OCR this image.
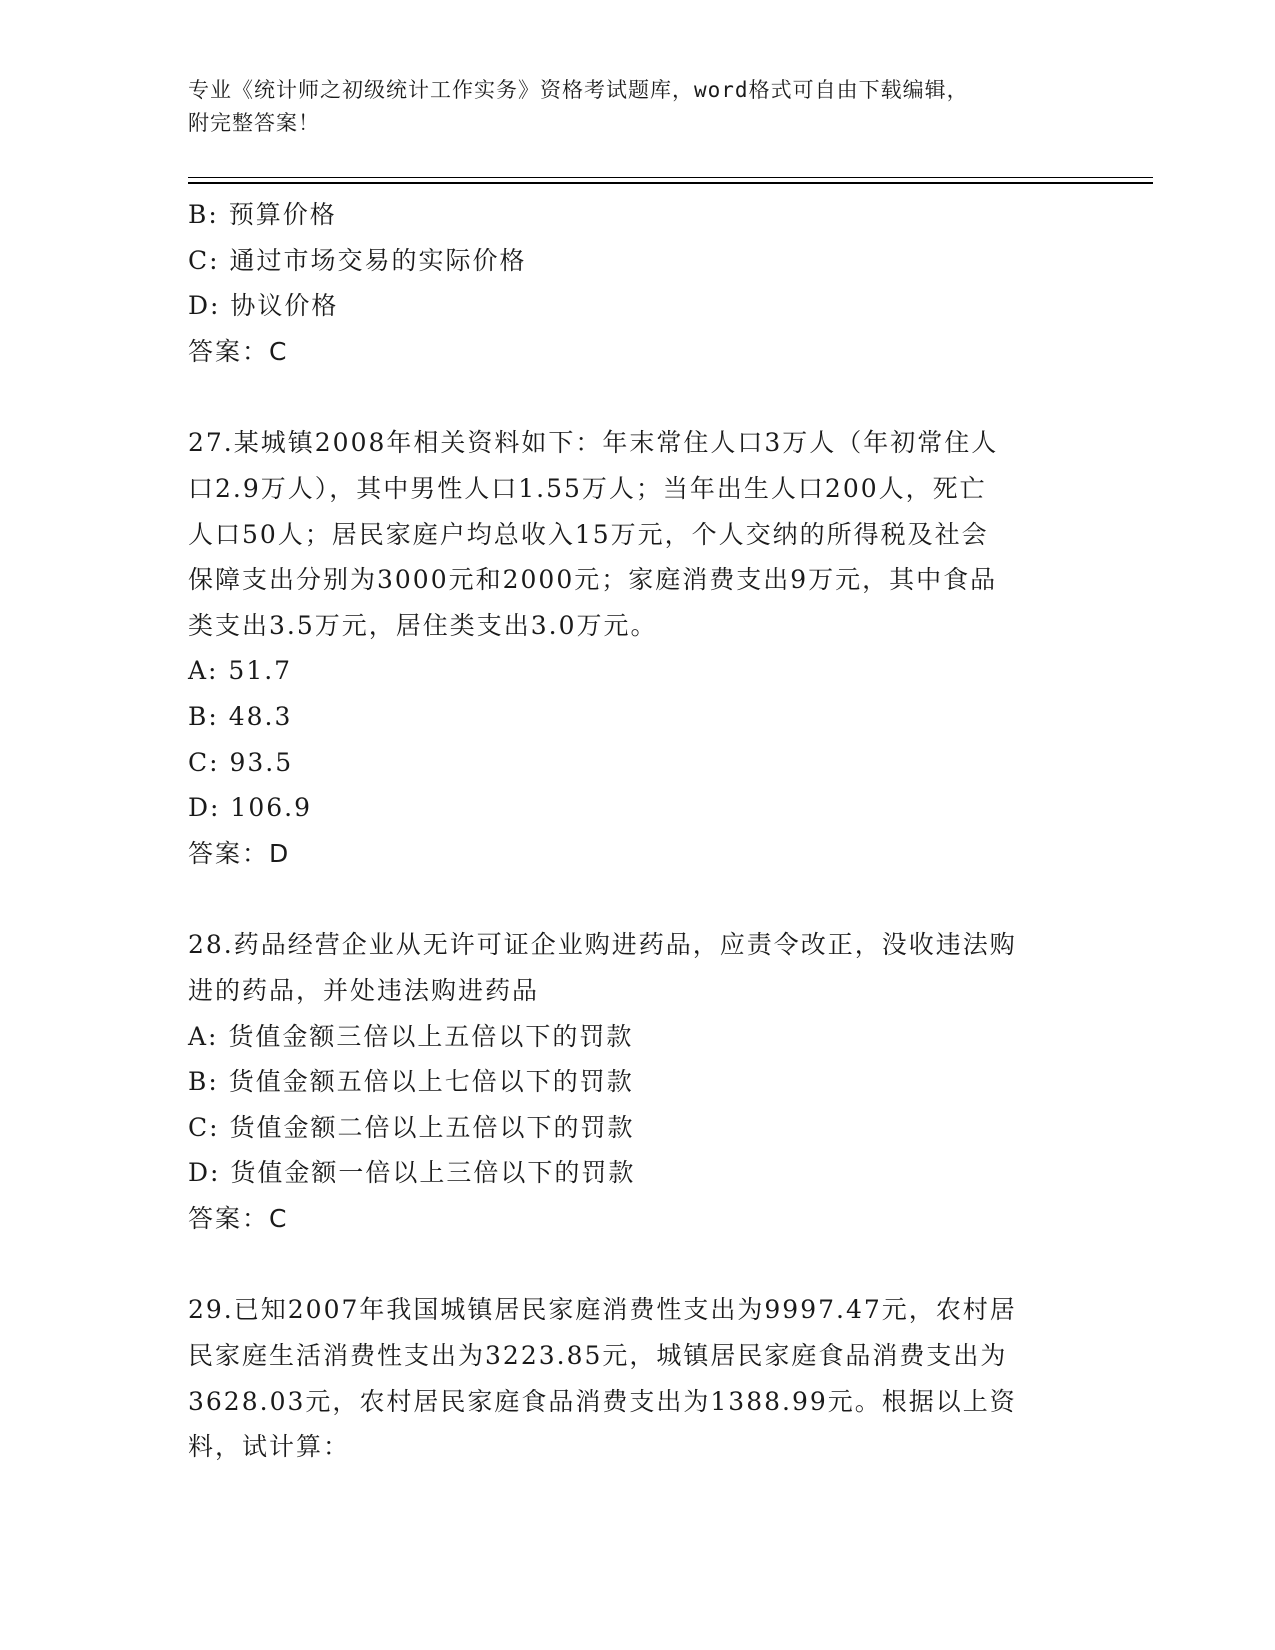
专业《统计师之初级统计工作实务》资格考试题库，word格式可自由下载编辑，
附完整答案！
B: 预算价格
C: 通过市场交易的实际价格
D: 协议价格
答案：C
27.某城镇2008年相关资料如下：年末常住人口3万人（年初常住人
口2.9万人），其中男性人口1.55万人；当年出生人口200人，死亡
人口50人；居民家庭户均总收入15万元，个人交纳的所得税及社会
保障支出分别为3000元和2000元；家庭消费支出9万元，其中食品
类支出3.5万元，居住类支出3.0万元。
A: 51.7
B: 48.3
C: 93.5
D: 106.9
答案：D
28.药品经营企业从无许可证企业购进药品，应责令改正，没收违法购
进的药品，并处违法购进药品
A: 货值金额三倍以上五倍以下的罚款
B: 货值金额五倍以上七倍以下的罚款
C: 货值金额二倍以上五倍以下的罚款
D: 货值金额一倍以上三倍以下的罚款
答案：C
29.已知2007年我国城镇居民家庭消费性支出为9997.47元，农村居
民家庭生活消费性支出为3223.85元，城镇居民家庭食品消费支出为
3628.03元，农村居民家庭食品消费支出为1388.99元。根据以上资
料，试计算：
